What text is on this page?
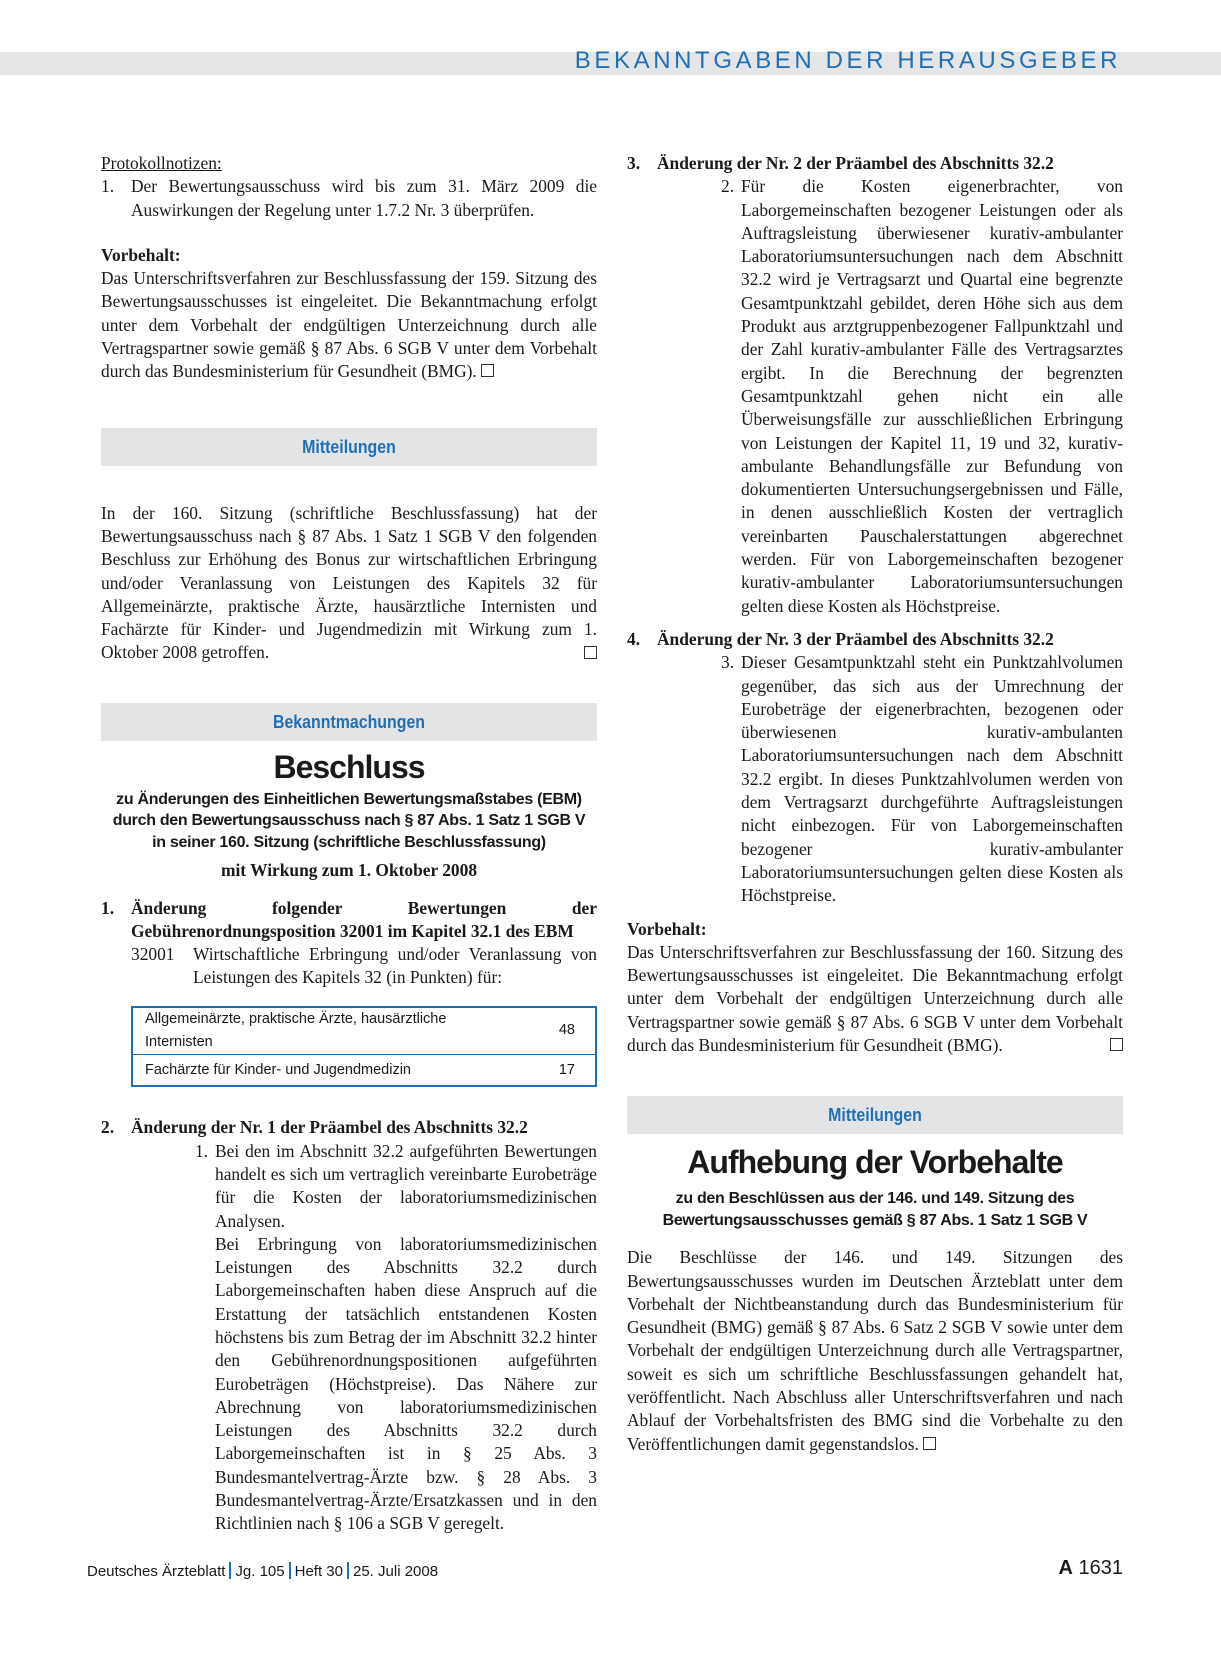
BEKANNTGABEN DER HERAUSGEBER

Protokollnotizen:

1. Der Bewertungsausschuss wird bis zum 31. März 2009 die Auswirkungen der Regelung unter 1.7.2 Nr. 3 überprüfen.

Vorbehalt:

Das Unterschriftsverfahren zur Beschlussfassung der 159. Sitzung des Bewertungsausschusses ist eingeleitet. Die Bekanntmachung erfolgt unter dem Vorbehalt der endgültigen Unterzeichnung durch alle Vertragspartner sowie gemäß § 87 Abs. 6 SGB V unter dem Vorbehalt durch das Bundesministerium für Gesundheit (BMG).

Mitteilungen

In der 160. Sitzung (schriftliche Beschlussfassung) hat der Bewertungsausschuss nach § 87 Abs. 1 Satz 1 SGB V den folgenden Beschluss zur Erhöhung des Bonus zur wirtschaftlichen Erbringung und/oder Veranlassung von Leistungen des Kapitels 32 für Allgemeinärzte, praktische Ärzte, hausärztliche Internisten und Fachärzte für Kinder- und Jugendmedizin mit Wirkung zum 1. Oktober 2008 getroffen.

Bekanntmachungen
Beschluss
zu Änderungen des Einheitlichen Bewertungsmaßstabes (EBM)
durch den Bewertungsausschuss nach § 87 Abs. 1 Satz 1 SGB V
in seiner 160. Sitzung (schriftliche Beschlussfassung)
mit Wirkung zum 1. Oktober 2008
1. Änderung folgender Bewertungen der Gebührenordnungsposition 32001 im Kapitel 32.1 des EBM
32001	Wirtschaftliche Erbringung und/oder Veranlassung von Leistungen des Kapitels 32 (in Punkten) für:
Allgemeinärzte, praktische Ärzte, hausärztliche Internisten	48
Fachärzte für Kinder- und Jugendmedizin	17
2. Änderung der Nr. 1 der Präambel des Abschnitts 32.2
1. Bei den im Abschnitt 32.2 aufgeführten Bewertungen handelt es sich um vertraglich vereinbarte Eurobeträge für die Kosten der laboratoriumsmedizinischen Analysen.

Bei Erbringung von laboratoriumsmedizinischen Leistungen des Abschnitts 32.2 durch Laborgemeinschaften haben diese Anspruch auf die Erstattung der tatsächlich entstandenen Kosten höchstens bis zum Betrag der im Abschnitt 32.2 hinter den Gebührenordnungspositionen aufgeführten Eurobeträgen (Höchstpreise). Das Nähere zur Abrechnung von laboratoriumsmedizinischen Leistungen des Abschnitts 32.2 durch Laborgemeinschaften ist in § 25 Abs. 3 Bundesmantelvertrag-Ärzte bzw. § 28 Abs. 3 Bundesmantelvertrag-Ärzte/Ersatzkassen und in den Richtlinien nach § 106 a SGB V geregelt.

3. Änderung der Nr. 2 der Präambel des Abschnitts 32.2
2. Für die Kosten eigenerbrachter, von Laborgemeinschaften bezogener Leistungen oder als Auftragsleistung überwiesener kurativ-ambulanter Laboratoriumsuntersuchungen nach dem Abschnitt 32.2 wird je Vertragsarzt und Quartal eine begrenzte Gesamtpunktzahl gebildet, deren Höhe sich aus dem Produkt aus arztgruppenbezogener Fallpunktzahl und der Zahl kurativ-ambulanter Fälle des Vertragsarztes ergibt. In die Berechnung der begrenzten Gesamtpunktzahl gehen nicht ein alle Überweisungsfälle zur ausschließlichen Erbringung von Leistungen der Kapitel 11, 19 und 32, kurativ-ambulante Behandlungsfälle zur Befundung von dokumentierten Untersuchungsergebnissen und Fälle, in denen ausschließlich Kosten der vertraglich vereinbarten Pauschalerstattungen abgerechnet werden. Für von Laborgemeinschaften bezogener kurativ-ambulanter Laboratoriumsuntersuchungen gelten diese Kosten als Höchstpreise.
4. Änderung der Nr. 3 der Präambel des Abschnitts 32.2
3. Dieser Gesamtpunktzahl steht ein Punktzahlvolumen gegenüber, das sich aus der Umrechnung der Eurobeträge der eigenerbrachten, bezogenen oder überwiesenen kurativ-ambulanten Laboratoriumsuntersuchungen nach dem Abschnitt 32.2 ergibt. In dieses Punktzahlvolumen werden von dem Vertragsarzt durchgeführte Auftragsleistungen nicht einbezogen. Für von Laborgemeinschaften bezogener kurativ-ambulanter Laboratoriumsuntersuchungen gelten diese Kosten als Höchstpreise.

Vorbehalt:

Das Unterschriftsverfahren zur Beschlussfassung der 160. Sitzung des Bewertungsausschusses ist eingeleitet. Die Bekanntmachung erfolgt unter dem Vorbehalt der endgültigen Unterzeichnung durch alle Vertragspartner sowie gemäß § 87 Abs. 6 SGB V unter dem Vorbehalt durch das Bundesministerium für Gesundheit (BMG).

Mitteilungen
Aufhebung der Vorbehalte
zu den Beschlüssen aus der 146. und 149. Sitzung des
Bewertungsausschusses gemäß § 87 Abs. 1 Satz 1 SGB V

Die Beschlüsse der 146. und 149. Sitzungen des Bewertungsausschusses wurden im Deutschen Ärzteblatt unter dem Vorbehalt der Nichtbeanstandung durch das Bundesministerium für Gesundheit (BMG) gemäß § 87 Abs. 6 Satz 2 SGB V sowie unter dem Vorbehalt der endgültigen Unterzeichnung durch alle Vertragspartner, soweit es sich um schriftliche Beschlussfassungen gehandelt hat, veröffentlicht. Nach Abschluss aller Unterschriftsverfahren und nach Ablauf der Vorbehaltsfristen des BMG sind die Vorbehalte zu den Veröffentlichungen damit gegenstandslos.

Deutsches Ärzteblatt Jg. 105 Heft 30 25. Juli 2008	A 1631
